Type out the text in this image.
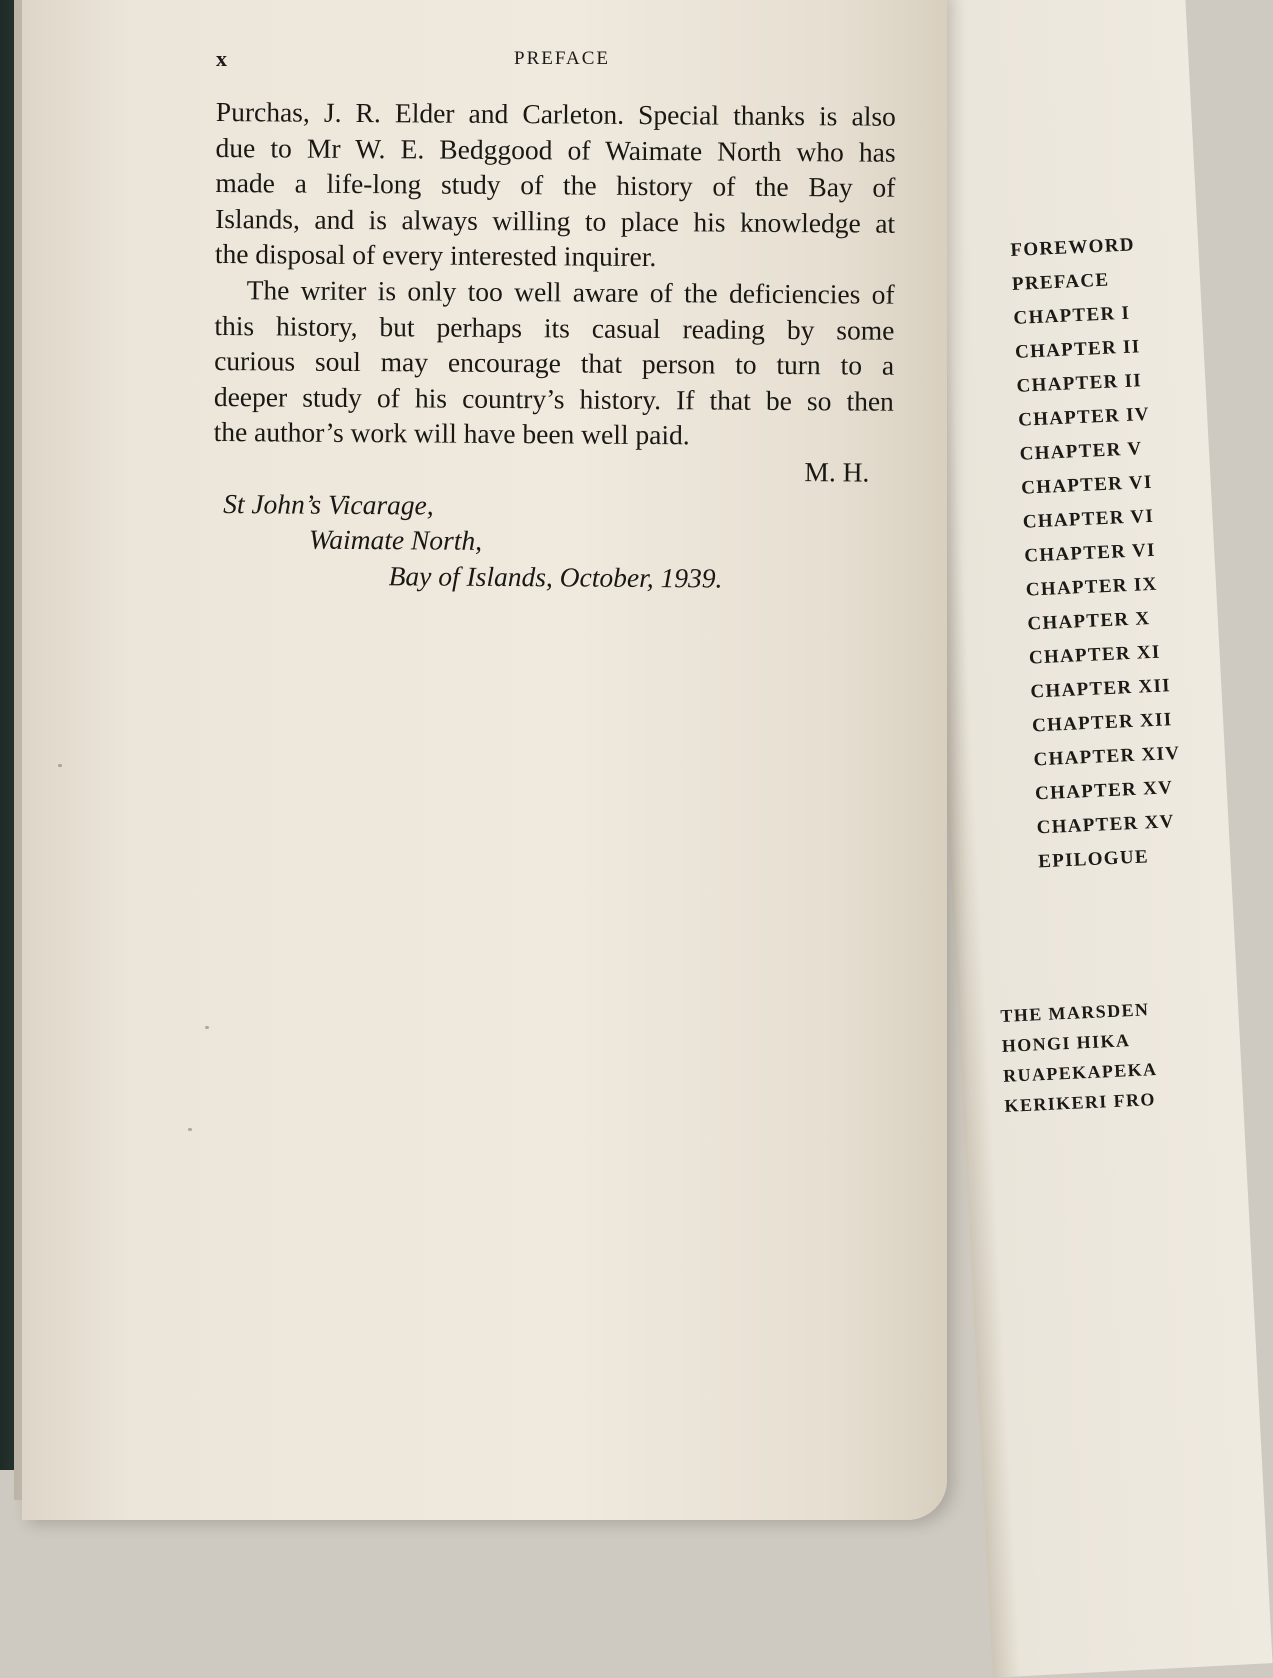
x	PREFACE
​
Purchas, J. R. Elder and Carleton. Special thanks is also
due to Mr W. E. Bedggood of Waimate North who has
made a life-long study of the history of the Bay of
Islands, and is always willing to place his knowledge at
the disposal of every interested inquirer.
The writer is only too well aware of the deficiencies of
this history, but perhaps its casual reading by some
curious soul may encourage that person to turn to a
deeper study of his country’s history. If that be so then
the author’s work will have been well paid.
M. H.
St John’s Vicarage,
Waimate North,
Bay of Islands, October, 1939.
FOREWORD
PREFACE
CHAPTER I
CHAPTER II
CHAPTER II
CHAPTER IV
CHAPTER V
CHAPTER VI
CHAPTER VI
CHAPTER VI
CHAPTER IX
CHAPTER X
CHAPTER XI
CHAPTER XII
CHAPTER XII
CHAPTER XIV
CHAPTER XV
CHAPTER XV
EPILOGUE
THE MARSDEN
HONGI HIKA
RUAPEKAPEKA
KERIKERI FRO
